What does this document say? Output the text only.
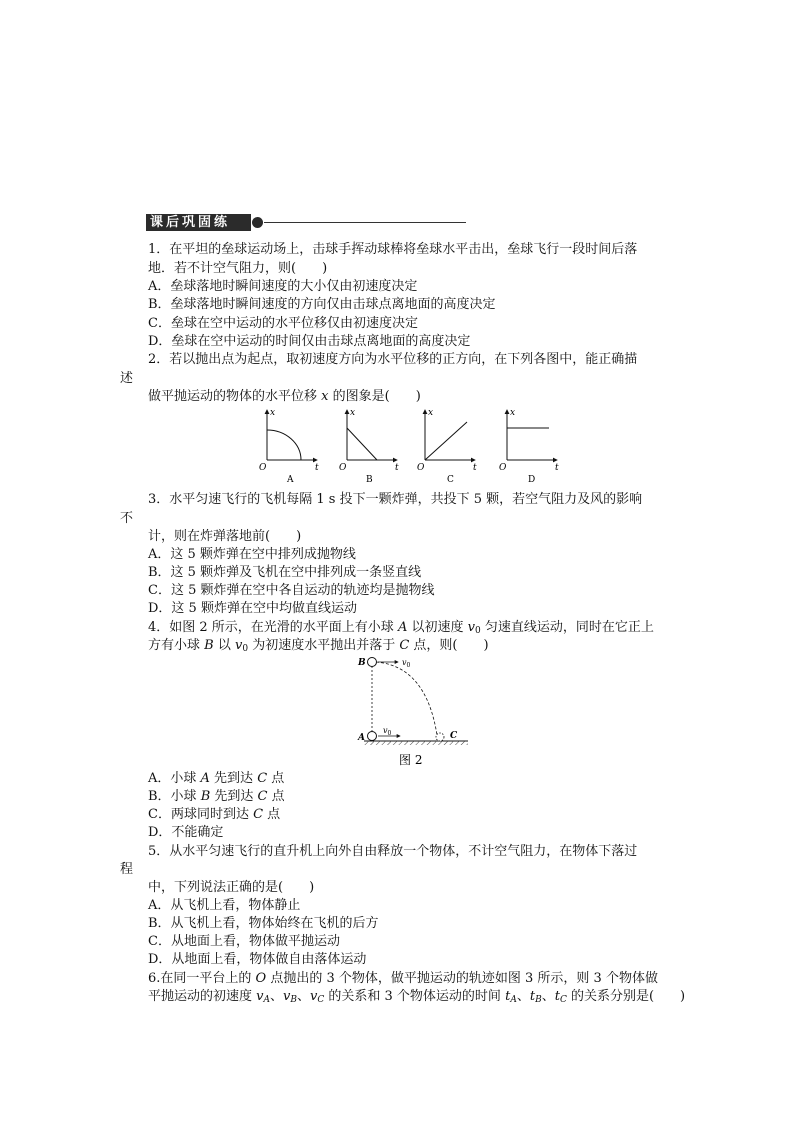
课后巩固练
1．在平坦的垒球运动场上，击球手挥动球棒将垒球水平击出，垒球飞行一段时间后落
地．若不计空气阻力，则(　　)
A．垒球落地时瞬间速度的大小仅由初速度决定
B．垒球落地时瞬间速度的方向仅由击球点离地面的高度决定
C．垒球在空中运动的水平位移仅由初速度决定
D．垒球在空中运动的时间仅由击球点离地面的高度决定
2．若以抛出点为起点，取初速度方向为水平位移的正方向，在下列各图中，能正确描
述
做平抛运动的物体的水平位移 x 的图象是(　　)
x
t
O
A
x
t
O
B
x
t
O
C
x
t
O
D
3．水平匀速飞行的飞机每隔 1 s 投下一颗炸弹，共投下 5 颗，若空气阻力及风的影响
不
计，则在炸弹落地前(　　)
A．这 5 颗炸弹在空中排列成抛物线
B．这 5 颗炸弹及飞机在空中排列成一条竖直线
C．这 5 颗炸弹在空中各自运动的轨迹均是抛物线
D．这 5 颗炸弹在空中均做直线运动
4．如图 2 所示，在光滑的水平面上有小球 A 以初速度 $v_0$ 匀速直线运动，同时在它正上
方有小球 B 以 $v_0$ 为初速度水平抛出并落于 C 点，则(　　)
B	$v_0$
A
$v_0$	C
图 2
A．小球 A 先到达 C 点
B．小球 B 先到达 C 点
C．两球同时到达 C 点
D．不能确定
5．从水平匀速飞行的直升机上向外自由释放一个物体，不计空气阻力，在物体下落过
程
中，下列说法正确的是(　　)
A．从飞机上看，物体静止
B．从飞机上看，物体始终在飞机的后方
C．从地面上看，物体做平抛运动
D．从地面上看，物体做自由落体运动
6.在同一平台上的 O 点抛出的 3 个物体，做平抛运动的轨迹如图 3 所示，则 3 个物体做
平抛运动的初速度 $v_A$、$v_B$、$v_C$ 的关系和 3 个物体运动的时间 $t_A$、$t_B$、$t_C$ 的关系分别是(　　)
